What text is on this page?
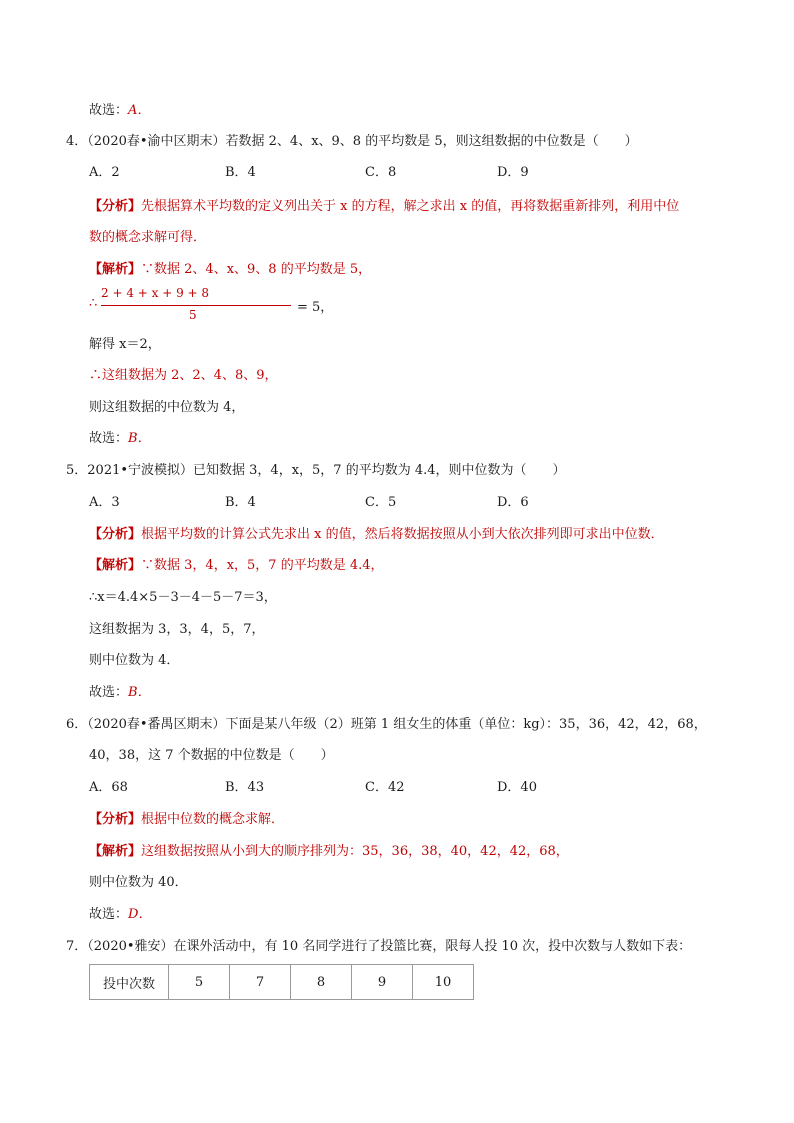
故选：A．
4．（2020春•渝中区期末）若数据 2、4、x、9、8 的平均数是 5，则这组数据的中位数是（　　）
A．2	B．4	C．8	D．9
【分析】先根据算术平均数的定义列出关于 x 的方程，解之求出 x 的值，再将数据重新排列，利用中位
数的概念求解可得．
【解析】∵数据 2、4、x、9、8 的平均数是 5，
∴
2 + 4 + x + 9 + 8
5	= 5，
解得 x＝2，
∴这组数据为 2、2、4、8、9，
则这组数据的中位数为 4，
故选：B．
5．2021•宁波模拟）已知数据 3，4，x，5，7 的平均数为 4.4，则中位数为（　　）
A．3	B．4	C．5	D．6
【分析】根据平均数的计算公式先求出 x 的值，然后将数据按照从小到大依次排列即可求出中位数．
【解析】∵数据 3，4，x，5，7 的平均数是 4.4，
∴x＝4.4×5－3－4－5－7＝3，
这组数据为 3，3，4，5，7，
则中位数为 4．
故选：B．
6．（2020春•番禺区期末）下面是某八年级（2）班第 1 组女生的体重（单位：kg）：35，36，42，42，68，
40，38，这 7 个数据的中位数是（　　）
A．68	B．43	C．42	D．40
【分析】根据中位数的概念求解．
【解析】这组数据按照从小到大的顺序排列为：35，36，38，40，42，42，68，
则中位数为 40．
故选：D．
7．（2020•雅安）在课外活动中，有 10 名同学进行了投篮比赛，限每人投 10 次，投中次数与人数如下表：
投中次数	5	7	8	9	10
